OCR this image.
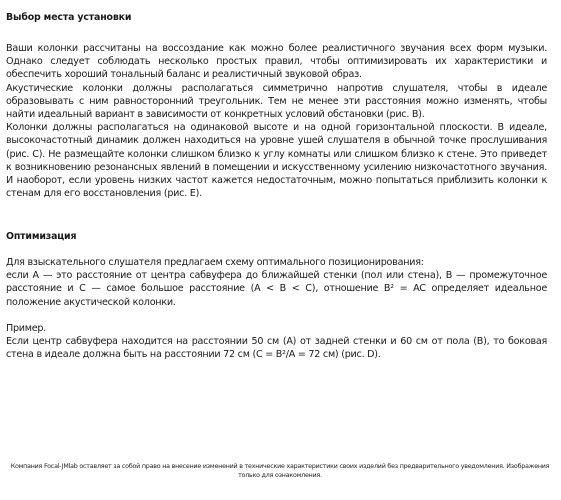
Выбор места установки

Ваши колонки рассчитаны на воссоздание как можно более реалистичного звучания всех форм музыки. Однако следует соблюдать несколько простых правил, чтобы оптимизировать их характеристики и обеспечить хороший тональный баланс и реалистичный звуковой образ.

Акустические колонки должны располагаться симметрично напротив слушателя, чтобы в идеале образовывать с ним равносторонний треугольник. Тем не менее эти расстояния можно изменять, чтобы найти идеальный вариант в зависимости от конкретных условий обстановки (рис. B).

Колонки должны располагаться на одинаковой высоте и на одной горизонтальной плоскости. В идеале, высокочастотный динамик должен находиться на уровне ушей слушателя в обычной точке прослушивания (рис. C). Не размещайте колонки слишком близко к углу комнаты или слишком близко к стене. Это приведет к возникновению резонансных явлений в помещении и искусственному усилению низкочастотного звучания. И наоборот, если уровень низких частот кажется недостаточным, можно попытаться приблизить колонки к стенам для его восстановления (рис. E).

Оптимизация

Для взыскательного слушателя предлагаем схему оптимального позиционирования:

если A — это расстояние от центра сабвуфера до ближайшей стенки (пол или стена), B — промежуточное расстояние и C — самое большое расстояние (A < B < C), отношение B² = AC определяет идеальное положение акустической колонки.

Пример.

Если центр сабвуфера находится на расстоянии 50 см (A) от задней стенки и 60 см от пола (B), то боковая стена в идеале должна быть на расстоянии 72 см (C = B²/A = 72 см) (рис. D).

Компания Focal-JMlab оставляет за собой право на внесение изменений в технические характеристики своих изделий без предварительного уведомления. Изображения только для ознакомления.
